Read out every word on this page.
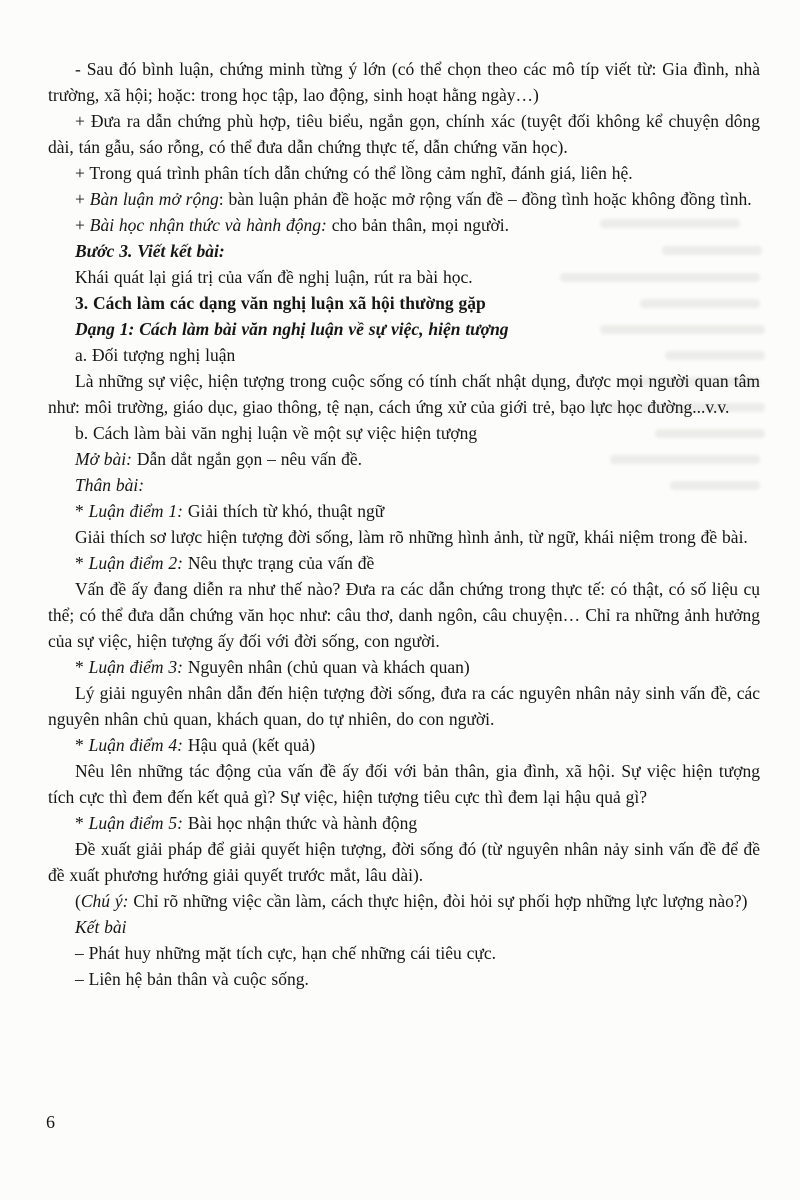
- Sau đó bình luận, chứng minh từng ý lớn (có thể chọn theo các mô típ viết từ: Gia đình, nhà trường, xã hội; hoặc: trong học tập, lao động, sinh hoạt hằng ngày…)

+ Đưa ra dẫn chứng phù hợp, tiêu biểu, ngắn gọn, chính xác (tuyệt đối không kể chuyện dông dài, tán gẫu, sáo rỗng, có thể đưa dẫn chứng thực tế, dẫn chứng văn học).

+ Trong quá trình phân tích dẫn chứng có thể lồng cảm nghĩ, đánh giá, liên hệ.

+ Bàn luận mở rộng: bàn luận phản đề hoặc mở rộng vấn đề – đồng tình hoặc không đồng tình.

+ Bài học nhận thức và hành động: cho bản thân, mọi người.

Bước 3. Viết kết bài:

Khái quát lại giá trị của vấn đề nghị luận, rút ra bài học.

3. Cách làm các dạng văn nghị luận xã hội thường gặp

Dạng 1: Cách làm bài văn nghị luận về sự việc, hiện tượng

a. Đối tượng nghị luận

Là những sự việc, hiện tượng trong cuộc sống có tính chất nhật dụng, được mọi người quan tâm như: môi trường, giáo dục, giao thông, tệ nạn, cách ứng xử của giới trẻ, bạo lực học đường...v.v.

b. Cách làm bài văn nghị luận về một sự việc hiện tượng

Mở bài: Dẫn dắt ngắn gọn – nêu vấn đề.

Thân bài:

* Luận điểm 1: Giải thích từ khó, thuật ngữ

Giải thích sơ lược hiện tượng đời sống, làm rõ những hình ảnh, từ ngữ, khái niệm trong đề bài.

* Luận điểm 2: Nêu thực trạng của vấn đề

Vấn đề ấy đang diễn ra như thế nào? Đưa ra các dẫn chứng trong thực tế: có thật, có số liệu cụ thể; có thể đưa dẫn chứng văn học như: câu thơ, danh ngôn, câu chuyện… Chỉ ra những ảnh hưởng của sự việc, hiện tượng ấy đối với đời sống, con người.

* Luận điểm 3: Nguyên nhân (chủ quan và khách quan)

Lý giải nguyên nhân dẫn đến hiện tượng đời sống, đưa ra các nguyên nhân nảy sinh vấn đề, các nguyên nhân chủ quan, khách quan, do tự nhiên, do con người.

* Luận điểm 4: Hậu quả (kết quả)

Nêu lên những tác động của vấn đề ấy đối với bản thân, gia đình, xã hội. Sự việc hiện tượng tích cực thì đem đến kết quả gì? Sự việc, hiện tượng tiêu cực thì đem lại hậu quả gì?

* Luận điểm 5: Bài học nhận thức và hành động

Đề xuất giải pháp để giải quyết hiện tượng, đời sống đó (từ nguyên nhân nảy sinh vấn đề để đề đề xuất phương hướng giải quyết trước mắt, lâu dài).

(Chú ý: Chỉ rõ những việc cần làm, cách thực hiện, đòi hỏi sự phối hợp những lực lượng nào?)

Kết bài

– Phát huy những mặt tích cực, hạn chế những cái tiêu cực.

– Liên hệ bản thân và cuộc sống.

6
